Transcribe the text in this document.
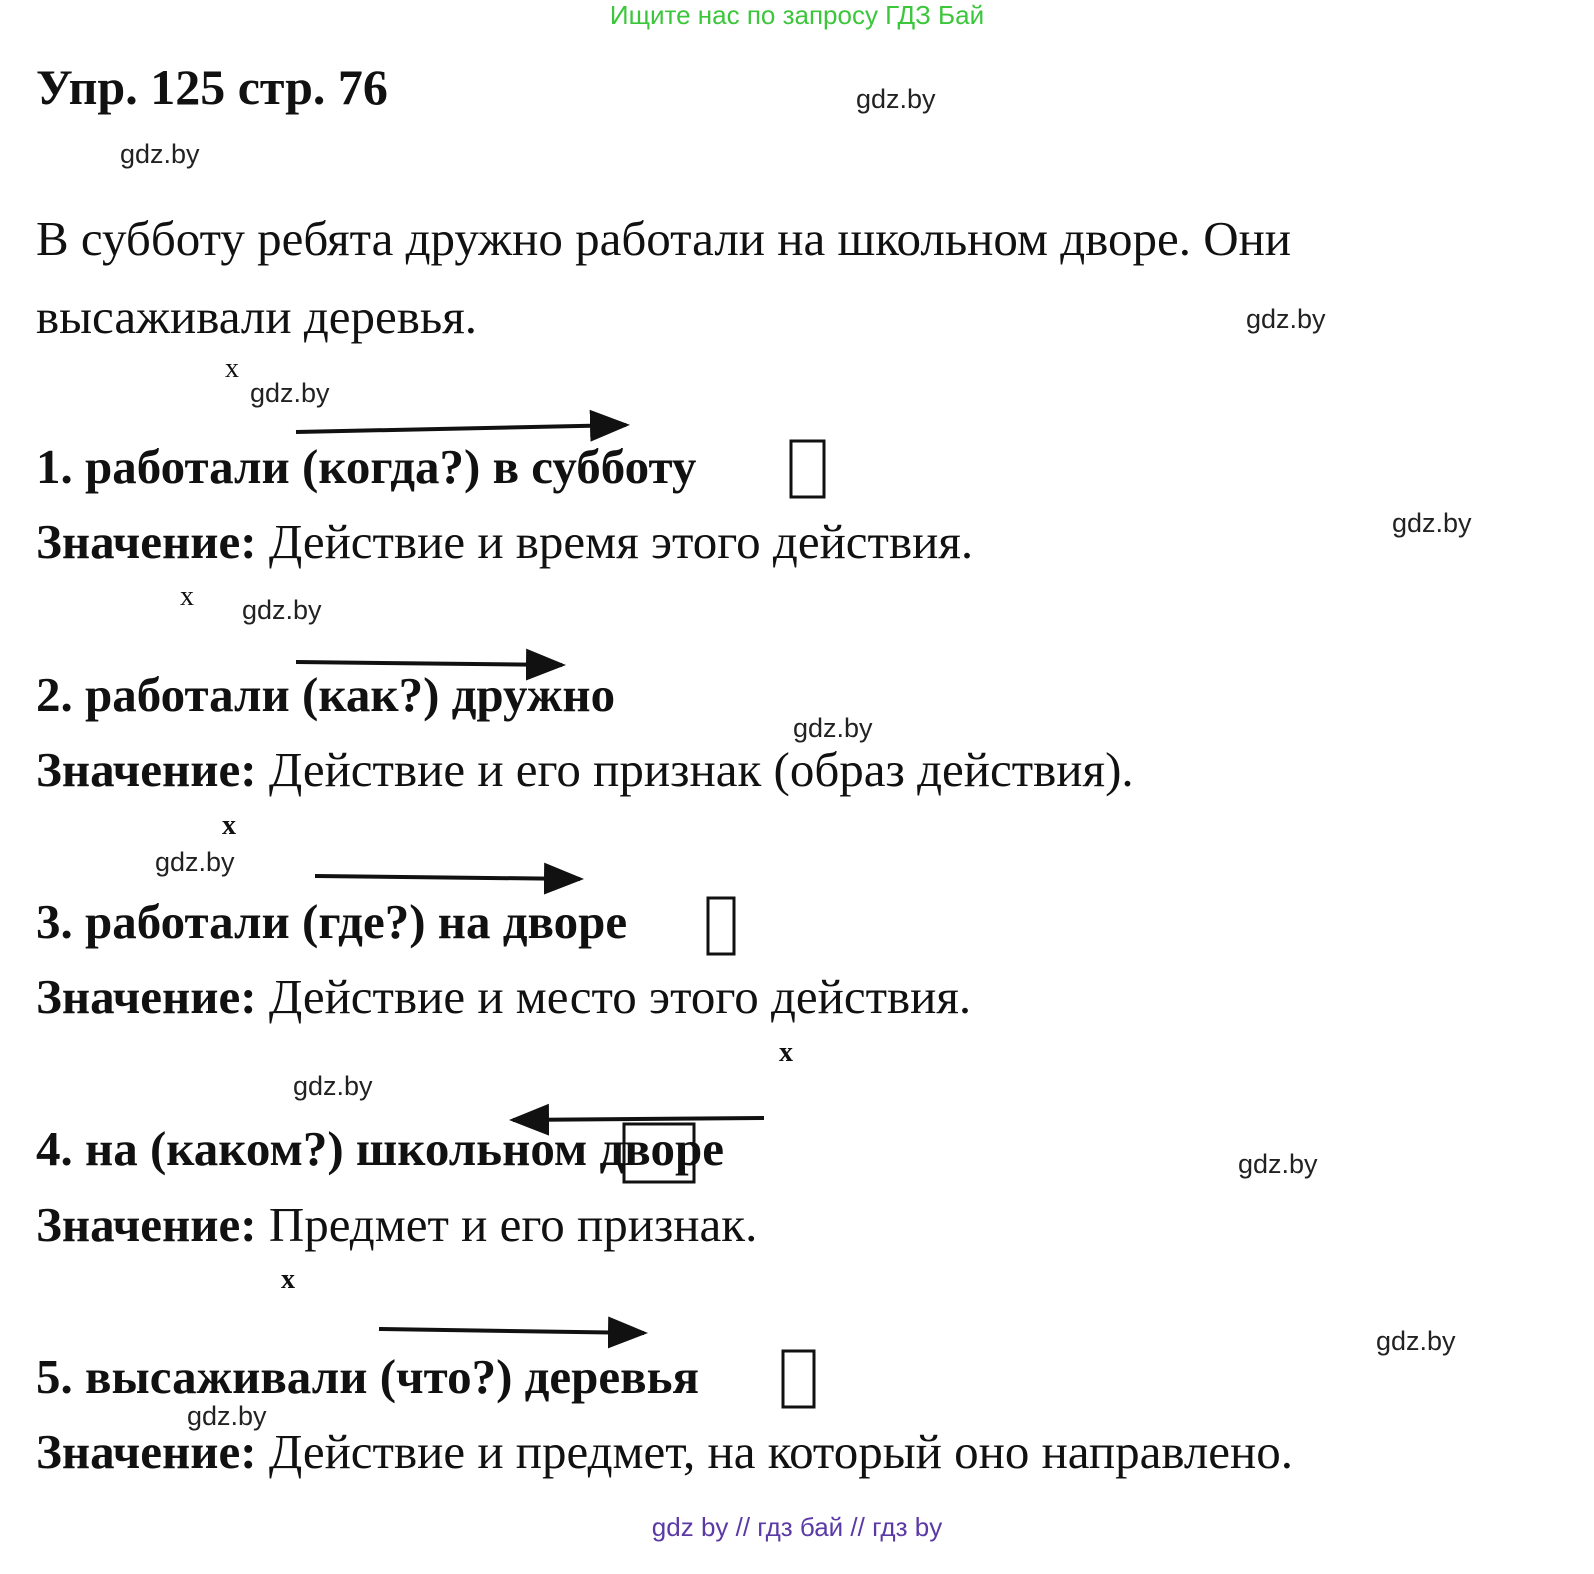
Ищите нас по запросу ГДЗ Бай
Упр. 125 стр. 76	gdz.by
gdz.by
gdz.by
gdz.by
gdz.by
gdz.by
gdz.by
gdz.by
gdz.by
gdz.by
gdz.by
gdz.by
В субботу ребята дружно работали на школьном дворе. Они
высаживали деревья.
x
x
x
x
x
1. работали (когда?) в субботу
Значение: Действие и время этого действия.
2. работали (как?) дружно
Значение: Действие и его признак (образ действия).
3. работали (где?) на дворе
Значение: Действие и место этого действия.
4. на (каком?) школьном дворе
Значение: Предмет и его признак.
5. высаживали (что?) деревья
Значение: Действие и предмет, на который оно направлено.
gdz by // гдз бай // гдз by
